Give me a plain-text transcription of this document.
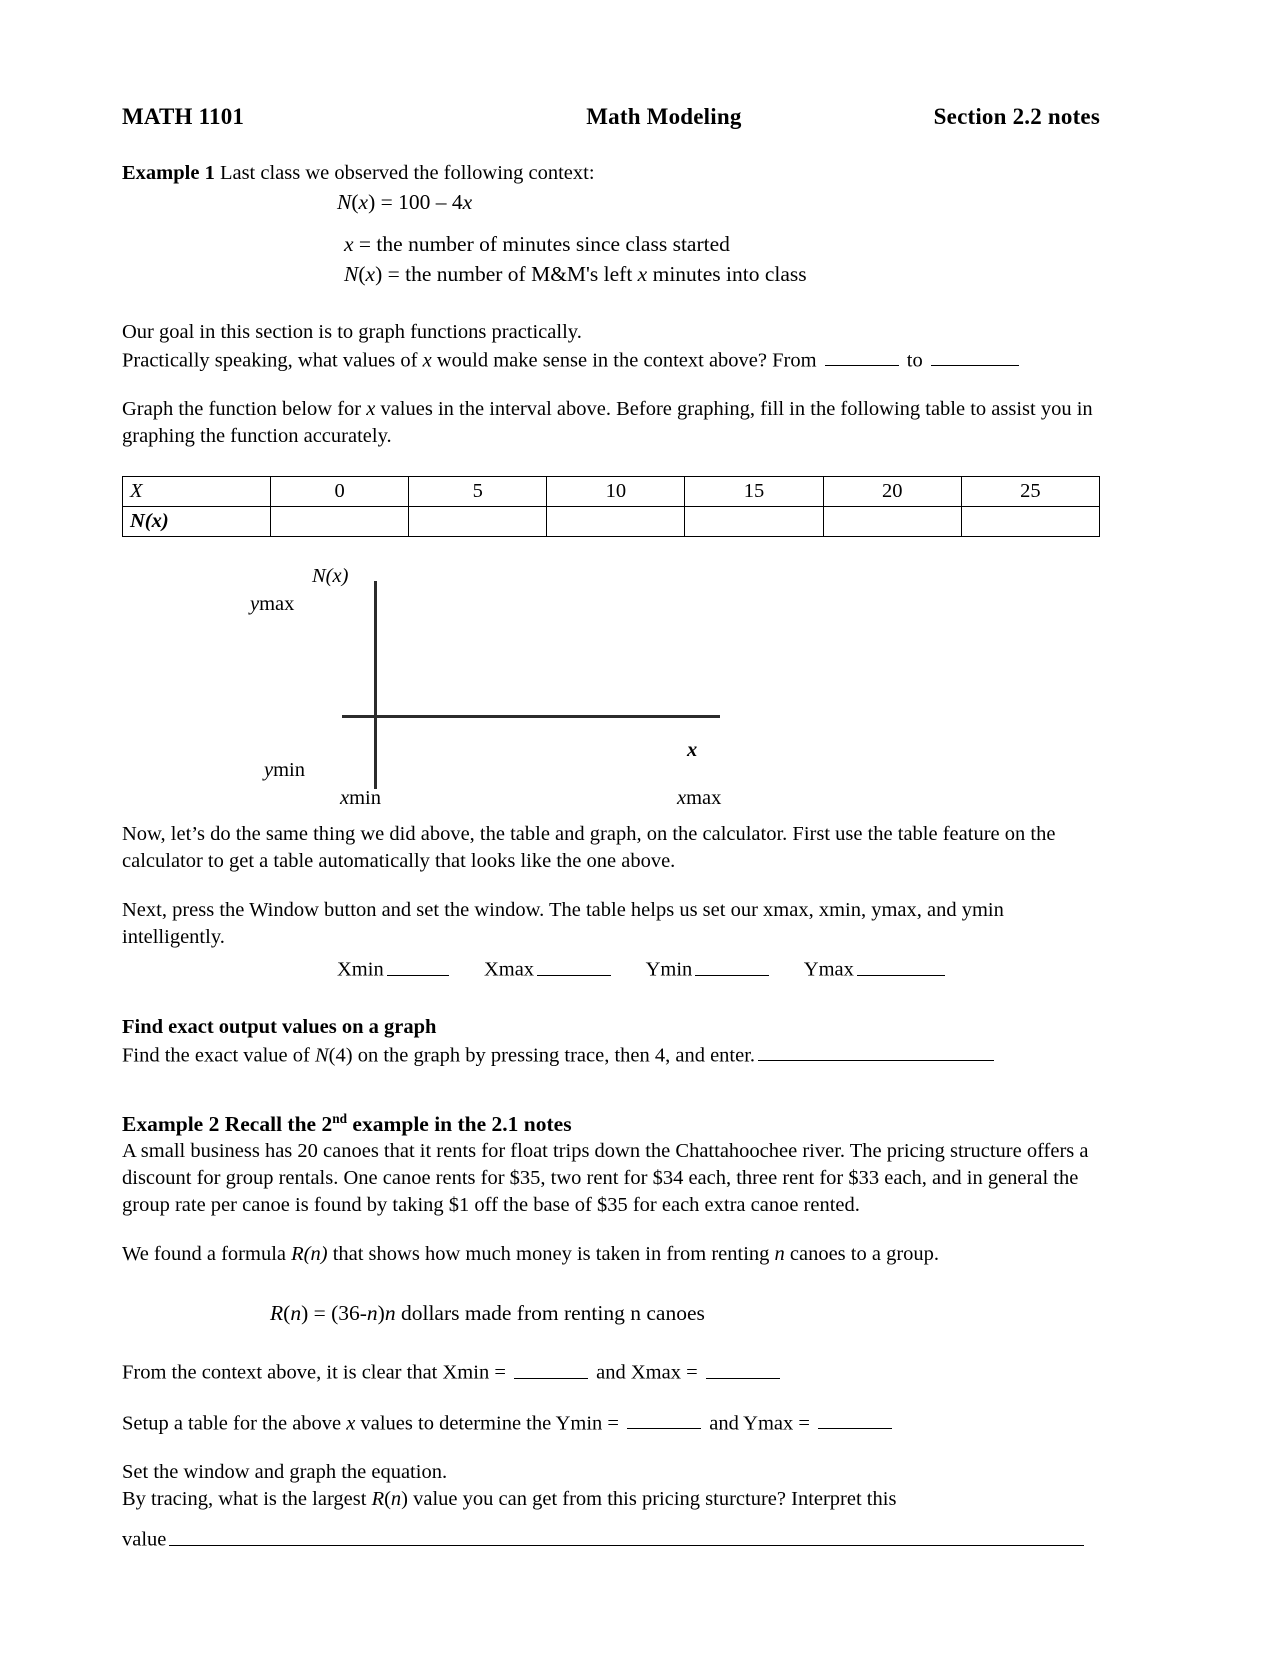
MATH 1101	Math Modeling	Section 2.2 notes
Example 1 Last class we observed the following context:
N(x) = 100 – 4x
x = the number of minutes since class started
N(x) = the number of M&M's left x minutes into class
Our goal in this section is to graph functions practically.
Practically speaking, what values of x would make sense in the context above? From	to
Graph the function below for x values in the interval above. Before graphing, fill in the following table to assist you in graphing the function accurately.
X	0	5	10	15	20	25
N(x)						
N(x)
ymax
ymin
x
xmin	xmax
Now, let’s do the same thing we did above, the table and graph, on the calculator. First use the table feature on the calculator to get a table automatically that looks like the one above.
Next, press the Window button and set the window. The table helps us set our xmax, xmin, ymax, and ymin intelligently.
Xmin	Xmax	Ymin	Ymax
Find exact output values on a graph
Find the exact value of N(4) on the graph by pressing trace, then 4, and enter.
Example 2 Recall the 2nd example in the 2.1 notes
A small business has 20 canoes that it rents for float trips down the Chattahoochee river. The pricing structure offers a discount for group rentals. One canoe rents for $35, two rent for $34 each, three rent for $33 each, and in general the group rate per canoe is found by taking $1 off the base of $35 for each extra canoe rented.
We found a formula R(n) that shows how much money is taken in from renting n canoes to a group.
R(n) = (36-n)n dollars made from renting n canoes
From the context above, it is clear that Xmin =	and Xmax =
Setup a table for the above x values to determine the Ymin =	and Ymax =
Set the window and graph the equation.
By tracing, what is the largest R(n) value you can get from this pricing sturcture? Interpret this
value
